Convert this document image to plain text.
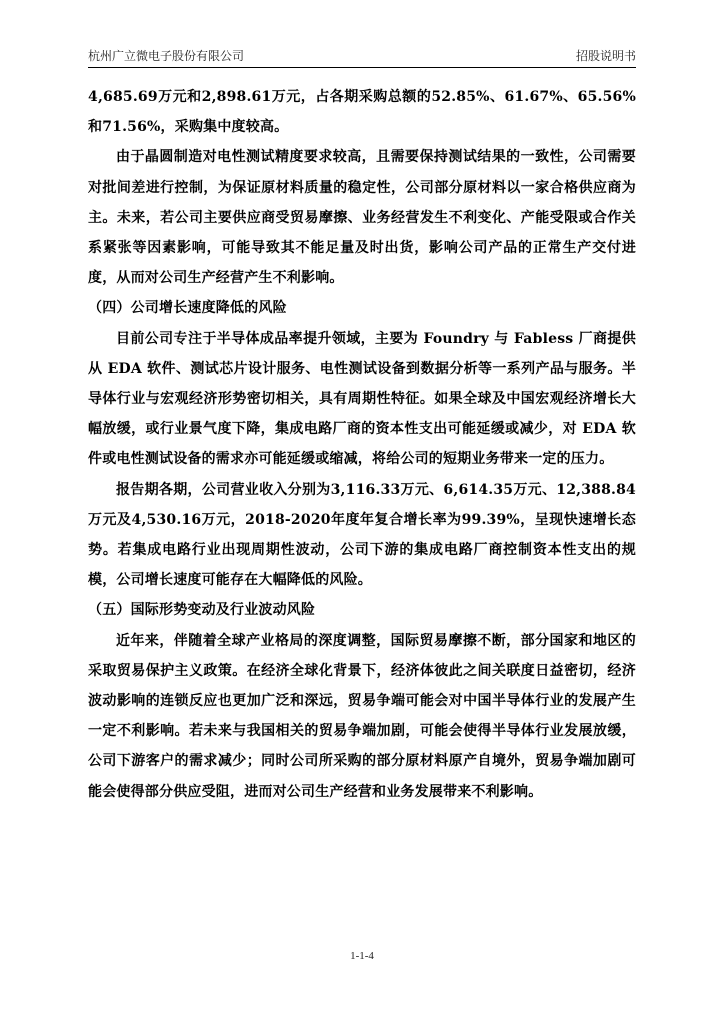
杭州广立微电子股份有限公司	招股说明书

4,685.69万元和2,898.61万元，占各期采购总额的52.85%、61.67%、65.56%和71.56%，采购集中度较高。

由于晶圆制造对电性测试精度要求较高，且需要保持测试结果的一致性，公司需要对批间差进行控制，为保证原材料质量的稳定性，公司部分原材料以一家合格供应商为主。未来，若公司主要供应商受贸易摩擦、业务经营发生不利变化、产能受限或合作关系紧张等因素影响，可能导致其不能足量及时出货，影响公司产品的正常生产交付进度，从而对公司生产经营产生不利影响。

（四）公司增长速度降低的风险

目前公司专注于半导体成品率提升领域，主要为 Foundry 与 Fabless 厂商提供从 EDA 软件、测试芯片设计服务、电性测试设备到数据分析等一系列产品与服务。半导体行业与宏观经济形势密切相关，具有周期性特征。如果全球及中国宏观经济增长大幅放缓，或行业景气度下降，集成电路厂商的资本性支出可能延缓或减少，对 EDA 软件或电性测试设备的需求亦可能延缓或缩减，将给公司的短期业务带来一定的压力。

报告期各期，公司营业收入分别为3,116.33万元、6,614.35万元、12,388.84万元及4,530.16万元，2018-2020年度年复合增长率为99.39%，呈现快速增长态势。若集成电路行业出现周期性波动，公司下游的集成电路厂商控制资本性支出的规模，公司增长速度可能存在大幅降低的风险。

（五）国际形势变动及行业波动风险

近年来，伴随着全球产业格局的深度调整，国际贸易摩擦不断，部分国家和地区的采取贸易保护主义政策。在经济全球化背景下，经济体彼此之间关联度日益密切，经济波动影响的连锁反应也更加广泛和深远，贸易争端可能会对中国半导体行业的发展产生一定不利影响。若未来与我国相关的贸易争端加剧，可能会使得半导体行业发展放缓，公司下游客户的需求减少；同时公司所采购的部分原材料原产自境外，贸易争端加剧可能会使得部分供应受阻，进而对公司生产经营和业务发展带来不利影响。

1-1-4
